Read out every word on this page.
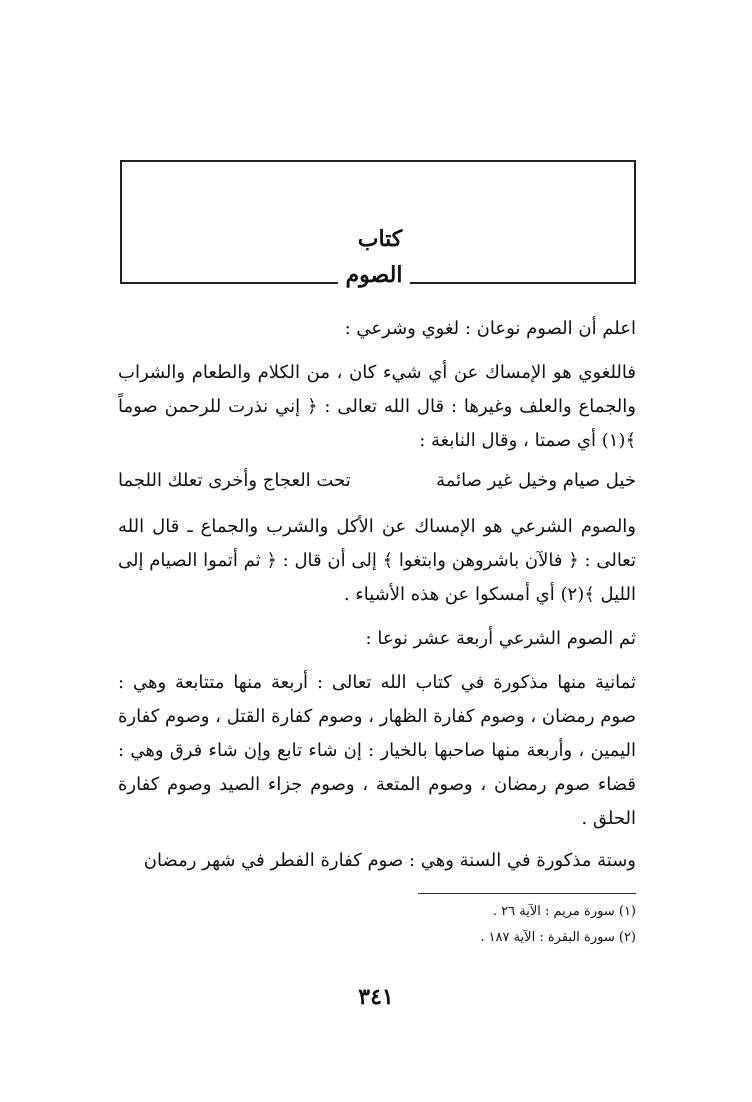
كتاب
الصوم
اعلم أن الصوم نوعان : لغوي وشرعي :
فاللغوي هو الإمساك عن أي شيء كان ، من الكلام والطعام والشراب والجماع والعلف وغيرها : قال الله تعالى : ﴿ إني نذرت للرحمن صوماً ﴾(١) أي صمتا ، وقال النابغة :
خيل صيام وخيل غير صائمة
تحت العجاج وأخرى تعلك اللجما
والصوم الشرعي هو الإمساك عن الأكل والشرب والجماع ـ قال الله تعالى : ﴿ فالآن باشروهن وابتغوا ﴾ إلى أن قال : ﴿ ثم أتموا الصيام إلى الليل ﴾(٢) أي أمسكوا عن هذه الأشياء .
ثم الصوم الشرعي أربعة عشر نوعا :
ثمانية منها مذكورة في كتاب الله تعالى : أربعة منها متتابعة وهي : صوم رمضان ، وصوم كفارة الظهار ، وصوم كفارة القتل ، وصوم كفارة اليمين ، وأربعة منها صاحبها بالخيار : إن شاء تابع وإن شاء فرق وهي : قضاء صوم رمضان ، وصوم المتعة ، وصوم جزاء الصيد وصوم كفارة الحلق .
وستة مذكورة في السنة وهي : صوم كفارة الفطر في شهر رمضان
(١) سورة مريم : الآية ٢٦ .
(٢) سورة البقرة : الآية ١٨٧ .
٣٤١
